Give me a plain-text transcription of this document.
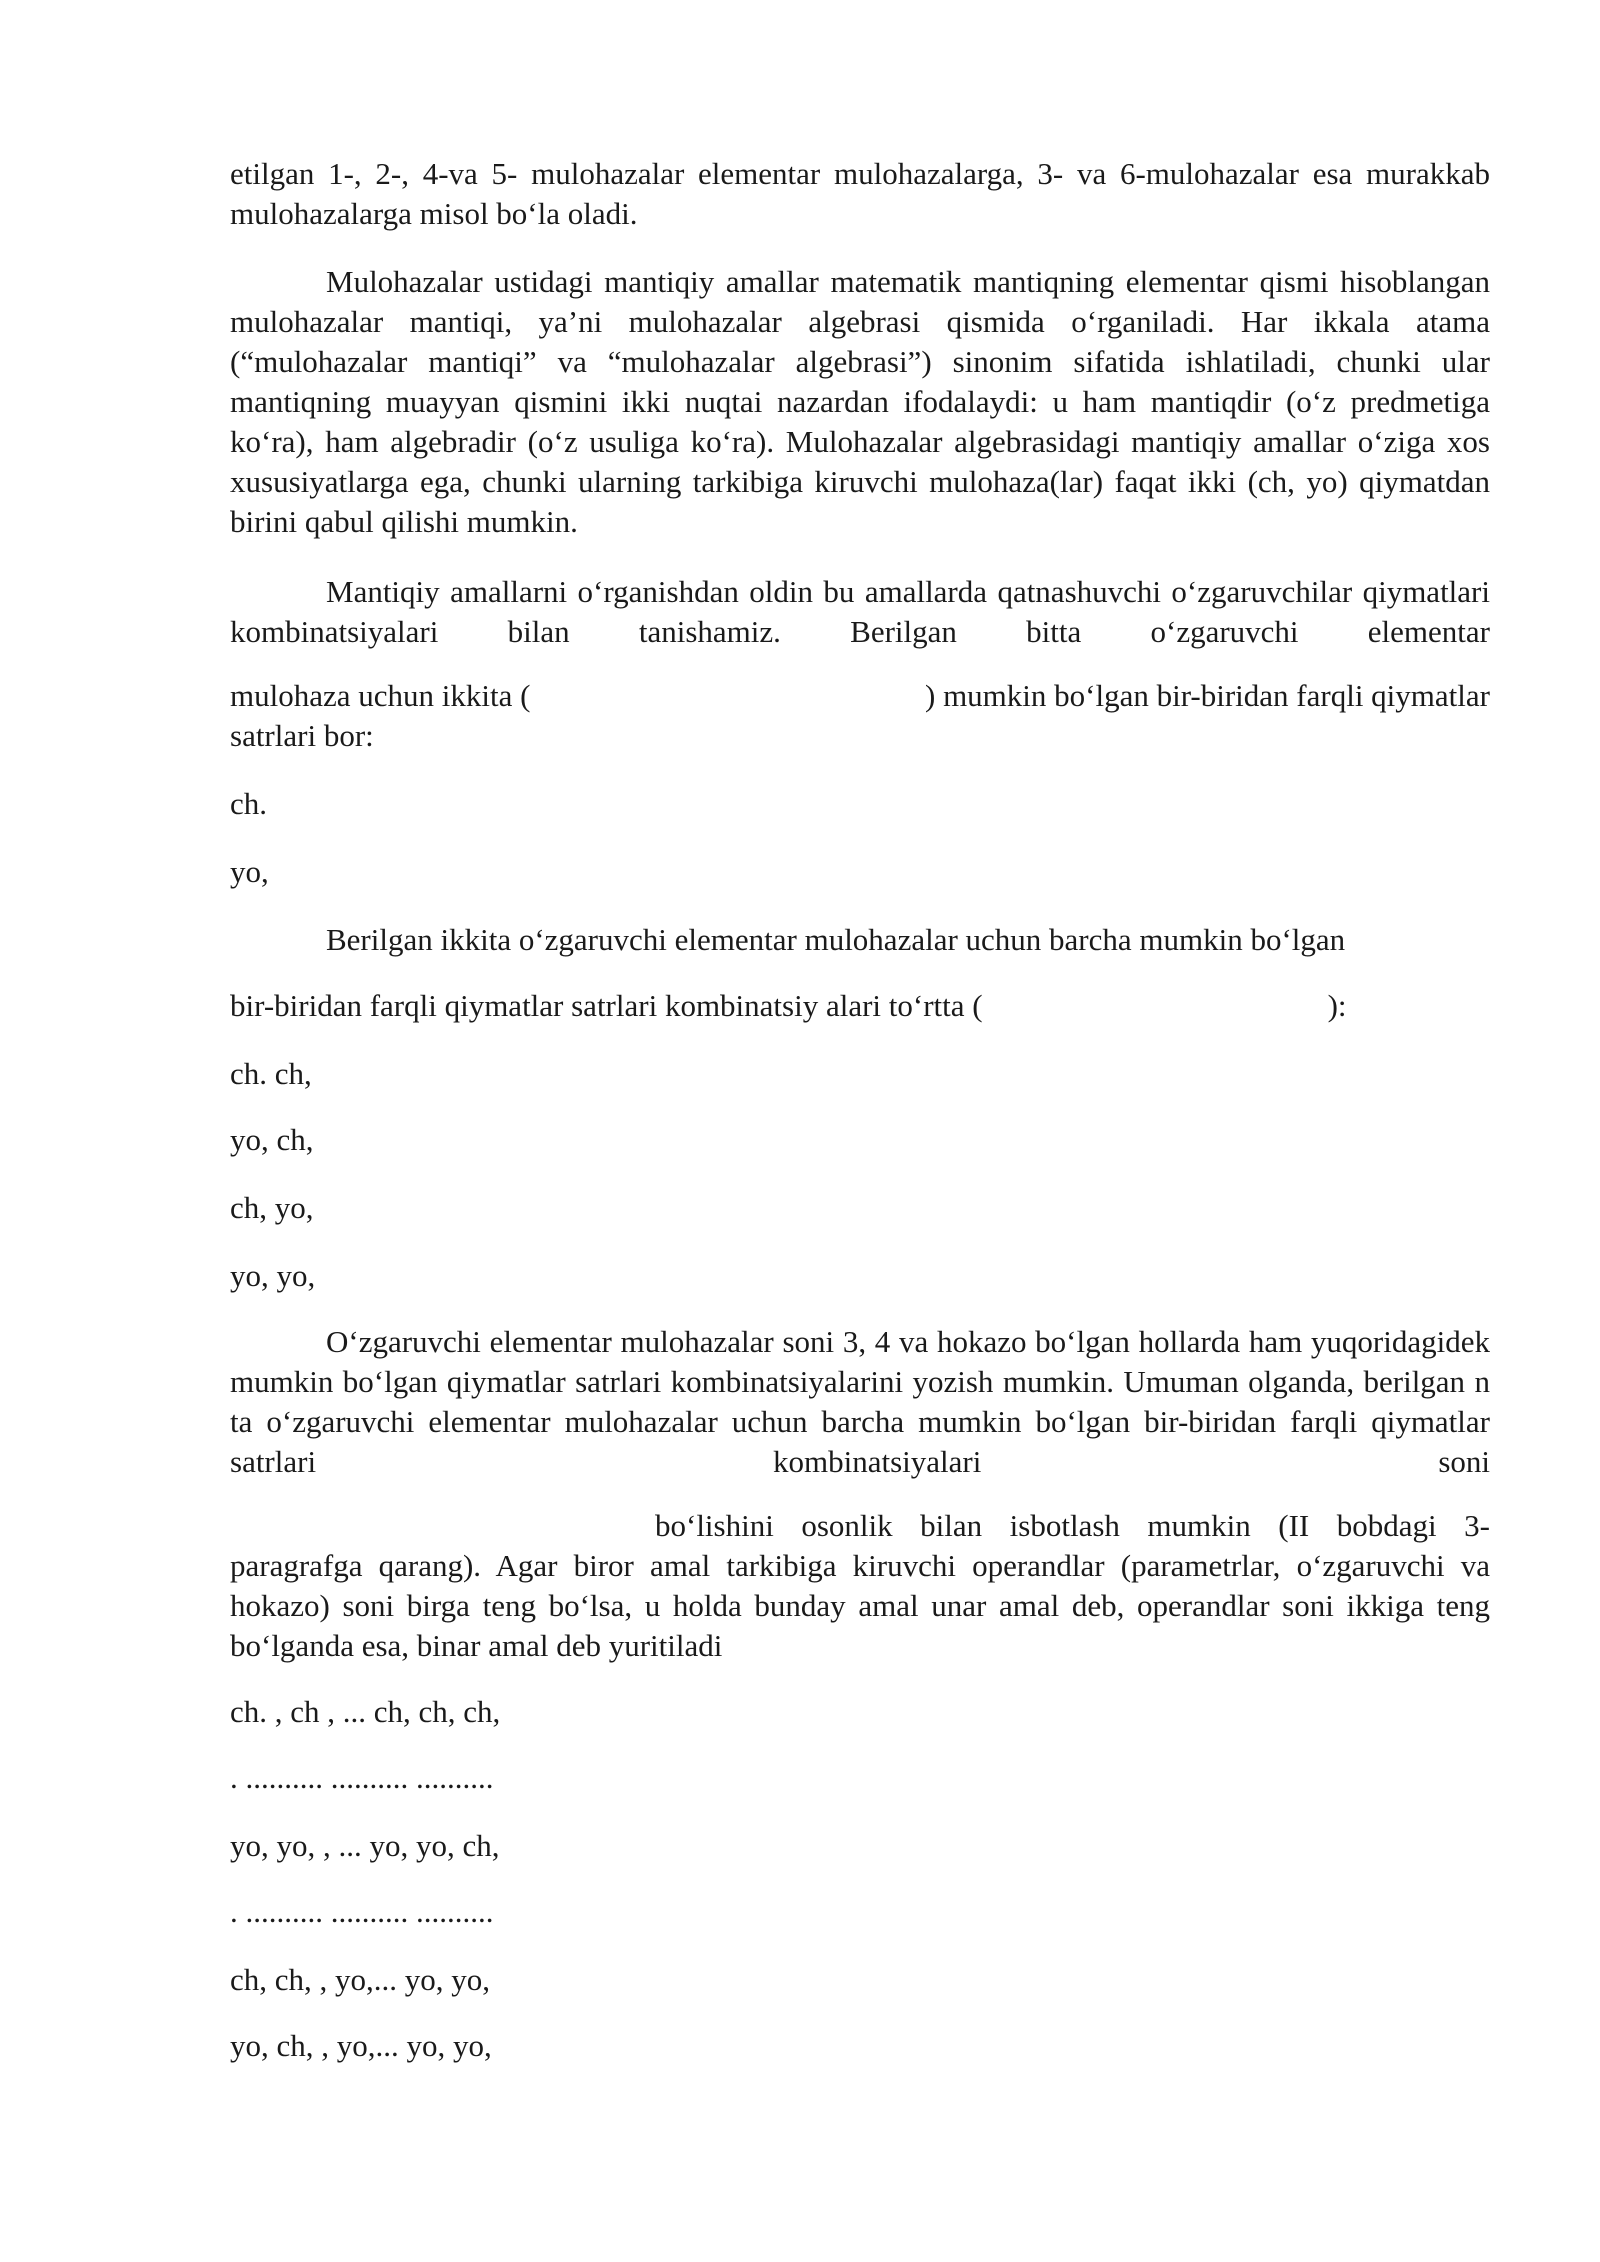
etilgan 1-, 2-, 4-va 5- mulohazalar elementar mulohazalarga, 3- va 6-mulohazalar esa murakkab mulohazalarga misol bo‘la oladi.

Mulohazalar ustidagi mantiqiy amallar matematik mantiqning elementar qismi hisoblangan mulohazalar mantiqi, ya’ni mulohazalar algebrasi qismida o‘rganiladi. Har ikkala atama (“mulohazalar mantiqi” va “mulohazalar algebrasi”) sinonim sifatida ishlatiladi, chunki ular mantiqning muayyan qismini ikki nuqtai nazardan ifodalaydi: u ham mantiqdir (o‘z predmetiga ko‘ra), ham algebradir (o‘z usuliga ko‘ra). Mulohazalar algebrasidagi mantiqiy amallar o‘ziga xos xususiyatlarga ega, chunki ularning tarkibiga kiruvchi mulohaza(lar) faqat ikki (ch, yo) qiymatdan birini qabul qilishi mumkin.

Mantiqiy amallarni o‘rganishdan oldin bu amallarda qatnashuvchi o‘zgaruvchilar qiymatlari kombinatsiyalari bilan tanishamiz. Berilgan bitta o‘zgaruvchi elementar

mulohaza uchun ikkita (	) mumkin bo‘lgan bir-biridan farqli qiymatlar
satrlari bor:

ch.

yo,

Berilgan ikkita o‘zgaruvchi elementar mulohazalar uchun barcha mumkin bo‘lgan

bir-biridan farqli qiymatlar satrlari kombinatsiy alari to‘rtta (	):

ch. ch,

yo, ch,

ch, yo,

yo, yo,

O‘zgaruvchi elementar mulohazalar soni 3, 4 va hokazo bo‘lgan hollarda ham yuqoridagidek mumkin bo‘lgan qiymatlar satrlari kombinatsiyalarini yozish mumkin. Umuman olganda, berilgan n ta o‘zgaruvchi elementar mulohazalar uchun barcha mumkin bo‘lgan bir-biridan farqli qiymatlar satrlari kombinatsiyalari soni

bo‘lishini osonlik bilan isbotlash mumkin (II bobdagi 3- paragrafga qarang). Agar biror amal tarkibiga kiruvchi operandlar (parametrlar, o‘zgaruvchi va hokazo) soni birga teng bo‘lsa, u holda bunday amal unar amal deb, operandlar soni ikkiga teng bo‘lganda esa, binar amal deb yuritiladi

ch. , ch , ... ch, ch, ch,

. .......... .......... ..........

yo, yo, , ... yo, yo, ch,

. .......... .......... ..........

ch, ch, , yo,... yo, yo,

yo, ch, , yo,... yo, yo,
